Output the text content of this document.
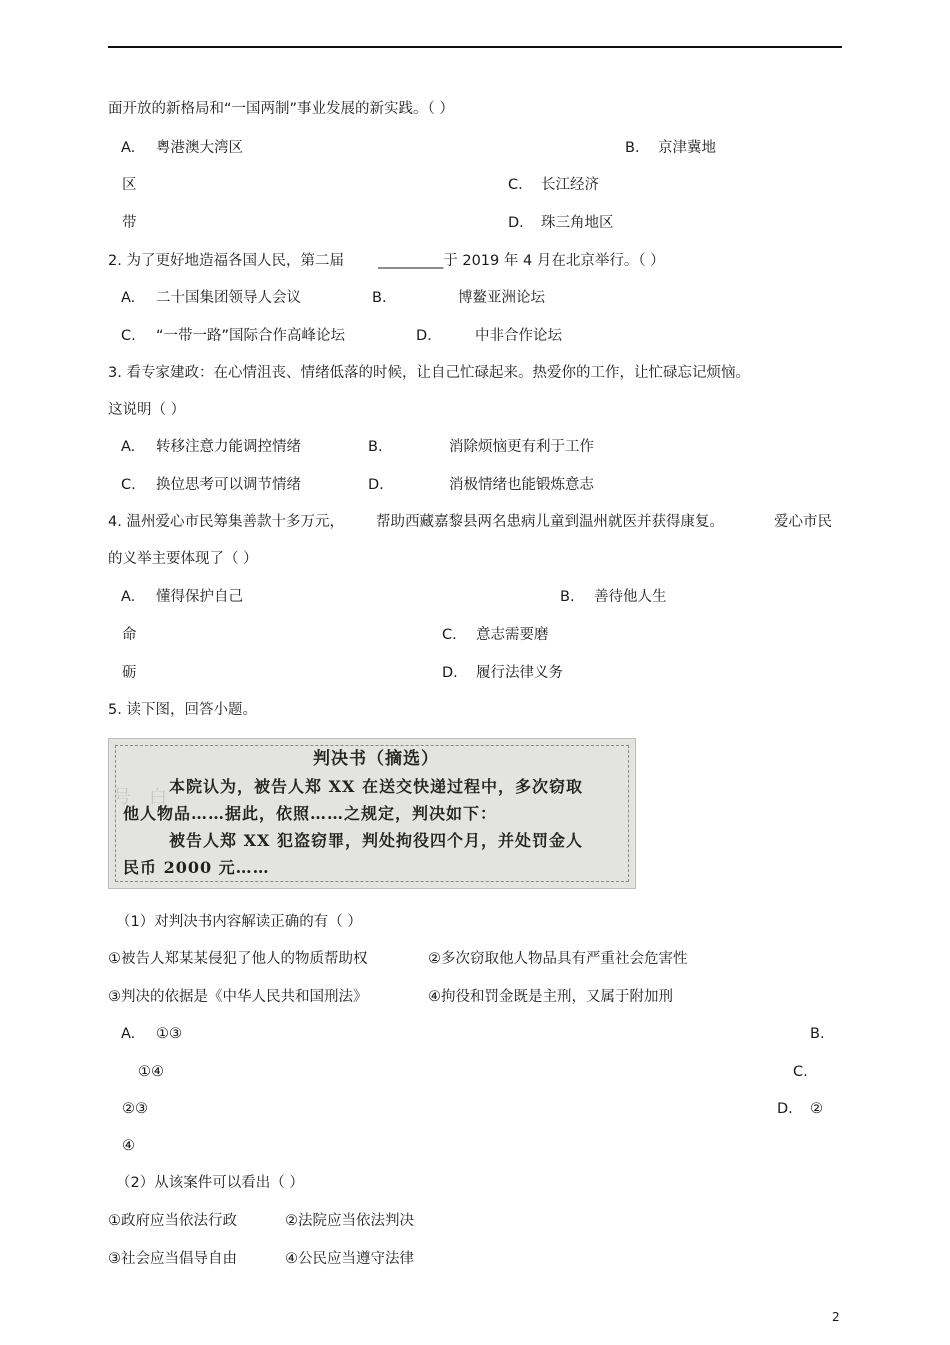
面开放的新格局和“一国两制”事业发展的新实践。（ ）
A. 粤港澳大湾区	B. 京津冀地
区	C. 长江经济
带	D. 珠三角地区
2. 为了更好地造福各国人民，第二届 _________于 2019 年 4 月在北京举行。（ ）
A. 二十国集团领导人会议	B.	博鳌亚洲论坛
C. “一带一路”国际合作高峰论坛	D.	中非合作论坛
3. 看专家建政：在心情沮丧、情绪低落的时候，让自己忙碌起来。热爱你的工作，让忙碌忘记烦恼。
这说明（ ）
A. 转移注意力能调控情绪	B.	消除烦恼更有利于工作
C. 换位思考可以调节情绪	D.	消极情绪也能锻炼意志
4. 温州爱心市民筹集善款十多万元， 帮助西藏嘉黎县两名患病儿童到温州就医并获得康复。	爱心市民
的义举主要体现了（ ）
A. 懂得保护自己	B. 善待他人生
命	C. 意志需要磨
砺	D. 履行法律义务
5. 读下图，回答小题。
号　白
判决书（摘选）
本院认为，被告人郑 XX 在送交快递过程中，多次窃取
他人物品……据此，依照……之规定，判决如下：
被告人郑 XX 犯盗窃罪，判处拘役四个月，并处罚金人
民币 2000 元……
（1）对判决书内容解读正确的有（ ）
①被告人郑某某侵犯了他人的物质帮助权	②多次窃取他人物品具有严重社会危害性
③判决的依据是《中华人民共和国刑法》	④拘役和罚金既是主刑，又属于附加刑
A. ①③	B.
①④	C.
②③	D. ②
④
（2）从该案件可以看出（ ）
①政府应当依法行政	②法院应当依法判决
③社会应当倡导自由	④公民应当遵守法律
2
